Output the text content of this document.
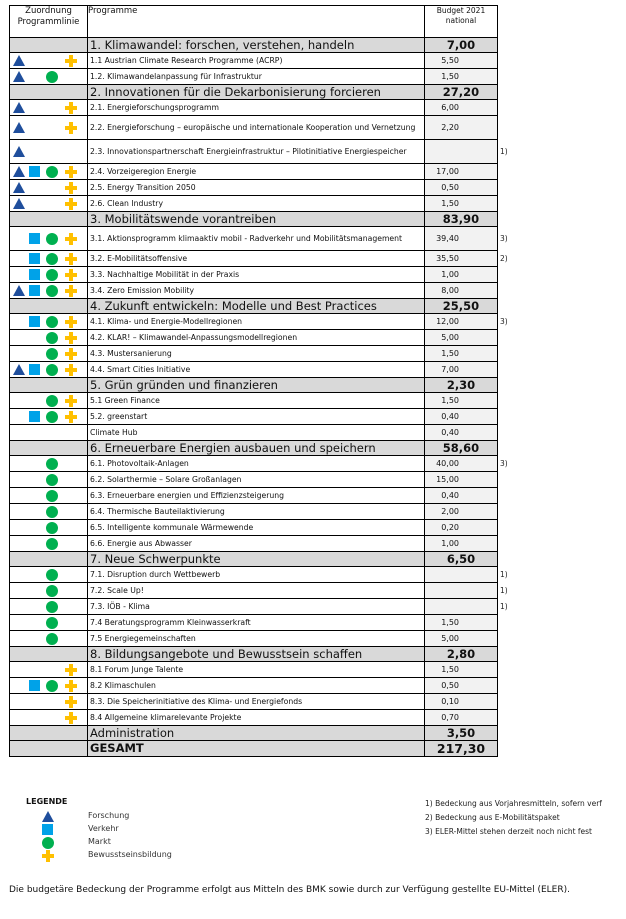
Zuordnung Programmlinie	Programme	Budget 2021 national
	1. Klimawandel: forschen, verstehen, handeln	7,00

	1.1 Austrian Climate Research Programme (ACRP)	5,50

	1.2. Klimawandelanpassung für Infrastruktur	1,50
	2. Innovationen für die Dekarbonisierung forcieren	27,20

	2.1. Energieforschungsprogramm	6,00

	2.2. Energieforschung – europäische und internationale Kooperation und Vernetzung	2,20

	2.3. Innovationspartnerschaft Energieinfrastruktur – Pilotinitiative Energiespeicher	

	2.4. Vorzeigeregion Energie	17,00

	2.5. Energy Transition 2050	0,50

	2.6. Clean Industry	1,50
	3. Mobilitätswende vorantreiben	83,90

	3.1. Aktionsprogramm klimaaktiv mobil - Radverkehr und Mobilitätsmanagement	39,40

	3.2. E-Mobilitätsoffensive	35,50

	3.3. Nachhaltige Mobilität in der Praxis	1,00

	3.4. Zero Emission Mobility	8,00
	4. Zukunft entwickeln: Modelle und Best Practices	25,50

	4.1. Klima- und Energie-Modellregionen	12,00

	4.2. KLAR! – Klimawandel-Anpassungsmodellregionen	5,00

	4.3. Mustersanierung	1,50

	4.4. Smart Cities Initiative	7,00
	5. Grün gründen und finanzieren	2,30

	5.1 Green Finance	1,50

	5.2. greenstart	0,40
	Climate Hub	0,40
	6. Erneuerbare Energien ausbauen und speichern	58,60

	6.1. Photovoltaik-Anlagen	40,00

	6.2. Solarthermie – Solare Großanlagen	15,00

	6.3. Erneuerbare energien und Effizienzsteigerung	0,40

	6.4. Thermische Bauteilaktivierung	2,00

	6.5. Intelligente kommunale Wärmewende	0,20

	6.6. Energie aus Abwasser	1,00
	7. Neue Schwerpunkte	6,50

	7.1. Disruption durch Wettbewerb	

	7.2. Scale Up!	

	7.3. IÖB - Klima	

	7.4 Beratungsprogramm Kleinwasserkraft	1,50

	7.5 Energiegemeinschaften	5,00
	8. Bildungsangebote und Bewusstsein schaffen	2,80

	8.1 Forum Junge Talente	1,50

	8.2 Klimaschulen	0,50

	8.3. Die Speicherinitiative des Klima- und Energiefonds	0,10

	8.4 Allgemeine klimarelevante Projekte	0,70
	Administration	3,50
	GESAMT	217,30
1)
3)
2)
3)
3)
1)
1)
1)
LEGENDE
Forschung
Verkehr
Markt
Bewusstseinsbildung
1) Bedeckung aus Vorjahresmitteln, sofern verf
2) Bedeckung aus E-Mobilitätspaket
3) ELER-Mittel stehen derzeit noch nicht fest
Die budgetäre Bedeckung der Programme erfolgt aus Mitteln des BMK sowie durch zur Verfügung gestellte EU-Mittel (ELER).
